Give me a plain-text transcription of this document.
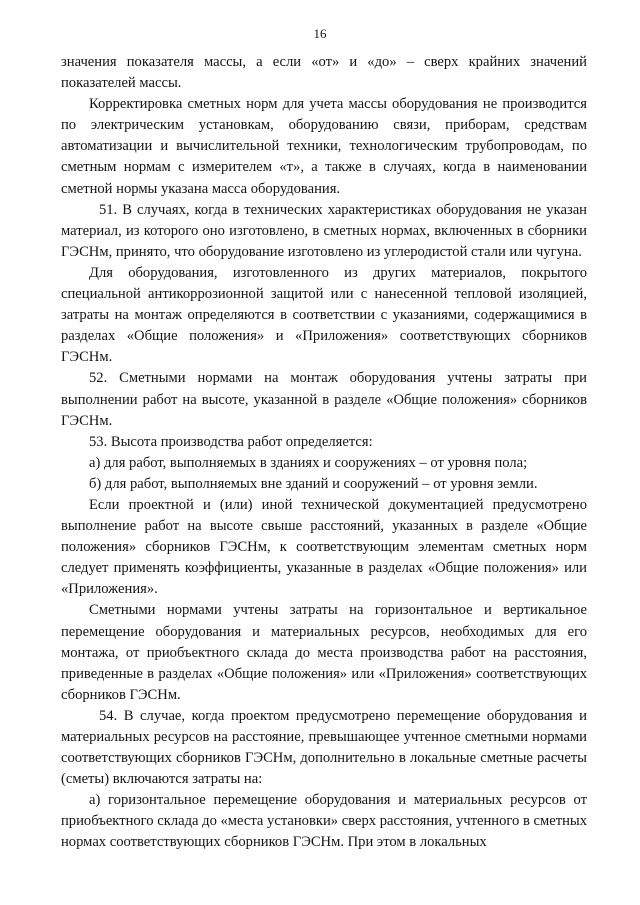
16

значения показателя массы, а если «от» и «до» – сверх крайних значений показателей массы.

Корректировка сметных норм для учета массы оборудования не производится по электрическим установкам, оборудованию связи, приборам, средствам автоматизации и вычислительной техники, технологическим трубопроводам, по сметным нормам с измерителем «т», а также в случаях, когда в наименовании сметной нормы указана масса оборудования.

51. В случаях, когда в технических характеристиках оборудования не указан материал, из которого оно изготовлено, в сметных нормах, включенных в сборники ГЭСНм, принято, что оборудование изготовлено из углеродистой стали или чугуна.

Для оборудования, изготовленного из других материалов, покрытого специальной антикоррозионной защитой или с нанесенной тепловой изоляцией, затраты на монтаж определяются в соответствии с указаниями, содержащимися в разделах «Общие положения» и «Приложения» соответствующих сборников ГЭСНм.

52. Сметными нормами на монтаж оборудования учтены затраты при выполнении работ на высоте, указанной в разделе «Общие положения» сборников ГЭСНм.

53. Высота производства работ определяется:

а) для работ, выполняемых в зданиях и сооружениях – от уровня пола;

б) для работ, выполняемых вне зданий и сооружений – от уровня земли.

Если проектной и (или) иной технической документацией предусмотрено выполнение работ на высоте свыше расстояний, указанных в разделе «Общие положения» сборников ГЭСНм, к соответствующим элементам сметных норм следует применять коэффициенты, указанные в разделах «Общие положения» или «Приложения».

Сметными нормами учтены затраты на горизонтальное и вертикальное перемещение оборудования и материальных ресурсов, необходимых для его монтажа, от приобъектного склада до места производства работ на расстояния, приведенные в разделах «Общие положения» или «Приложения» соответствующих сборников ГЭСНм.

54. В случае, когда проектом предусмотрено перемещение оборудования и материальных ресурсов на расстояние, превышающее учтенное сметными нормами соответствующих сборников ГЭСНм, дополнительно в локальные сметные расчеты (сметы) включаются затраты на:

а) горизонтальное перемещение оборудования и материальных ресурсов от приобъектного склада до «места установки» сверх расстояния, учтенного в сметных нормах соответствующих сборников ГЭСНм. При этом в локальных
